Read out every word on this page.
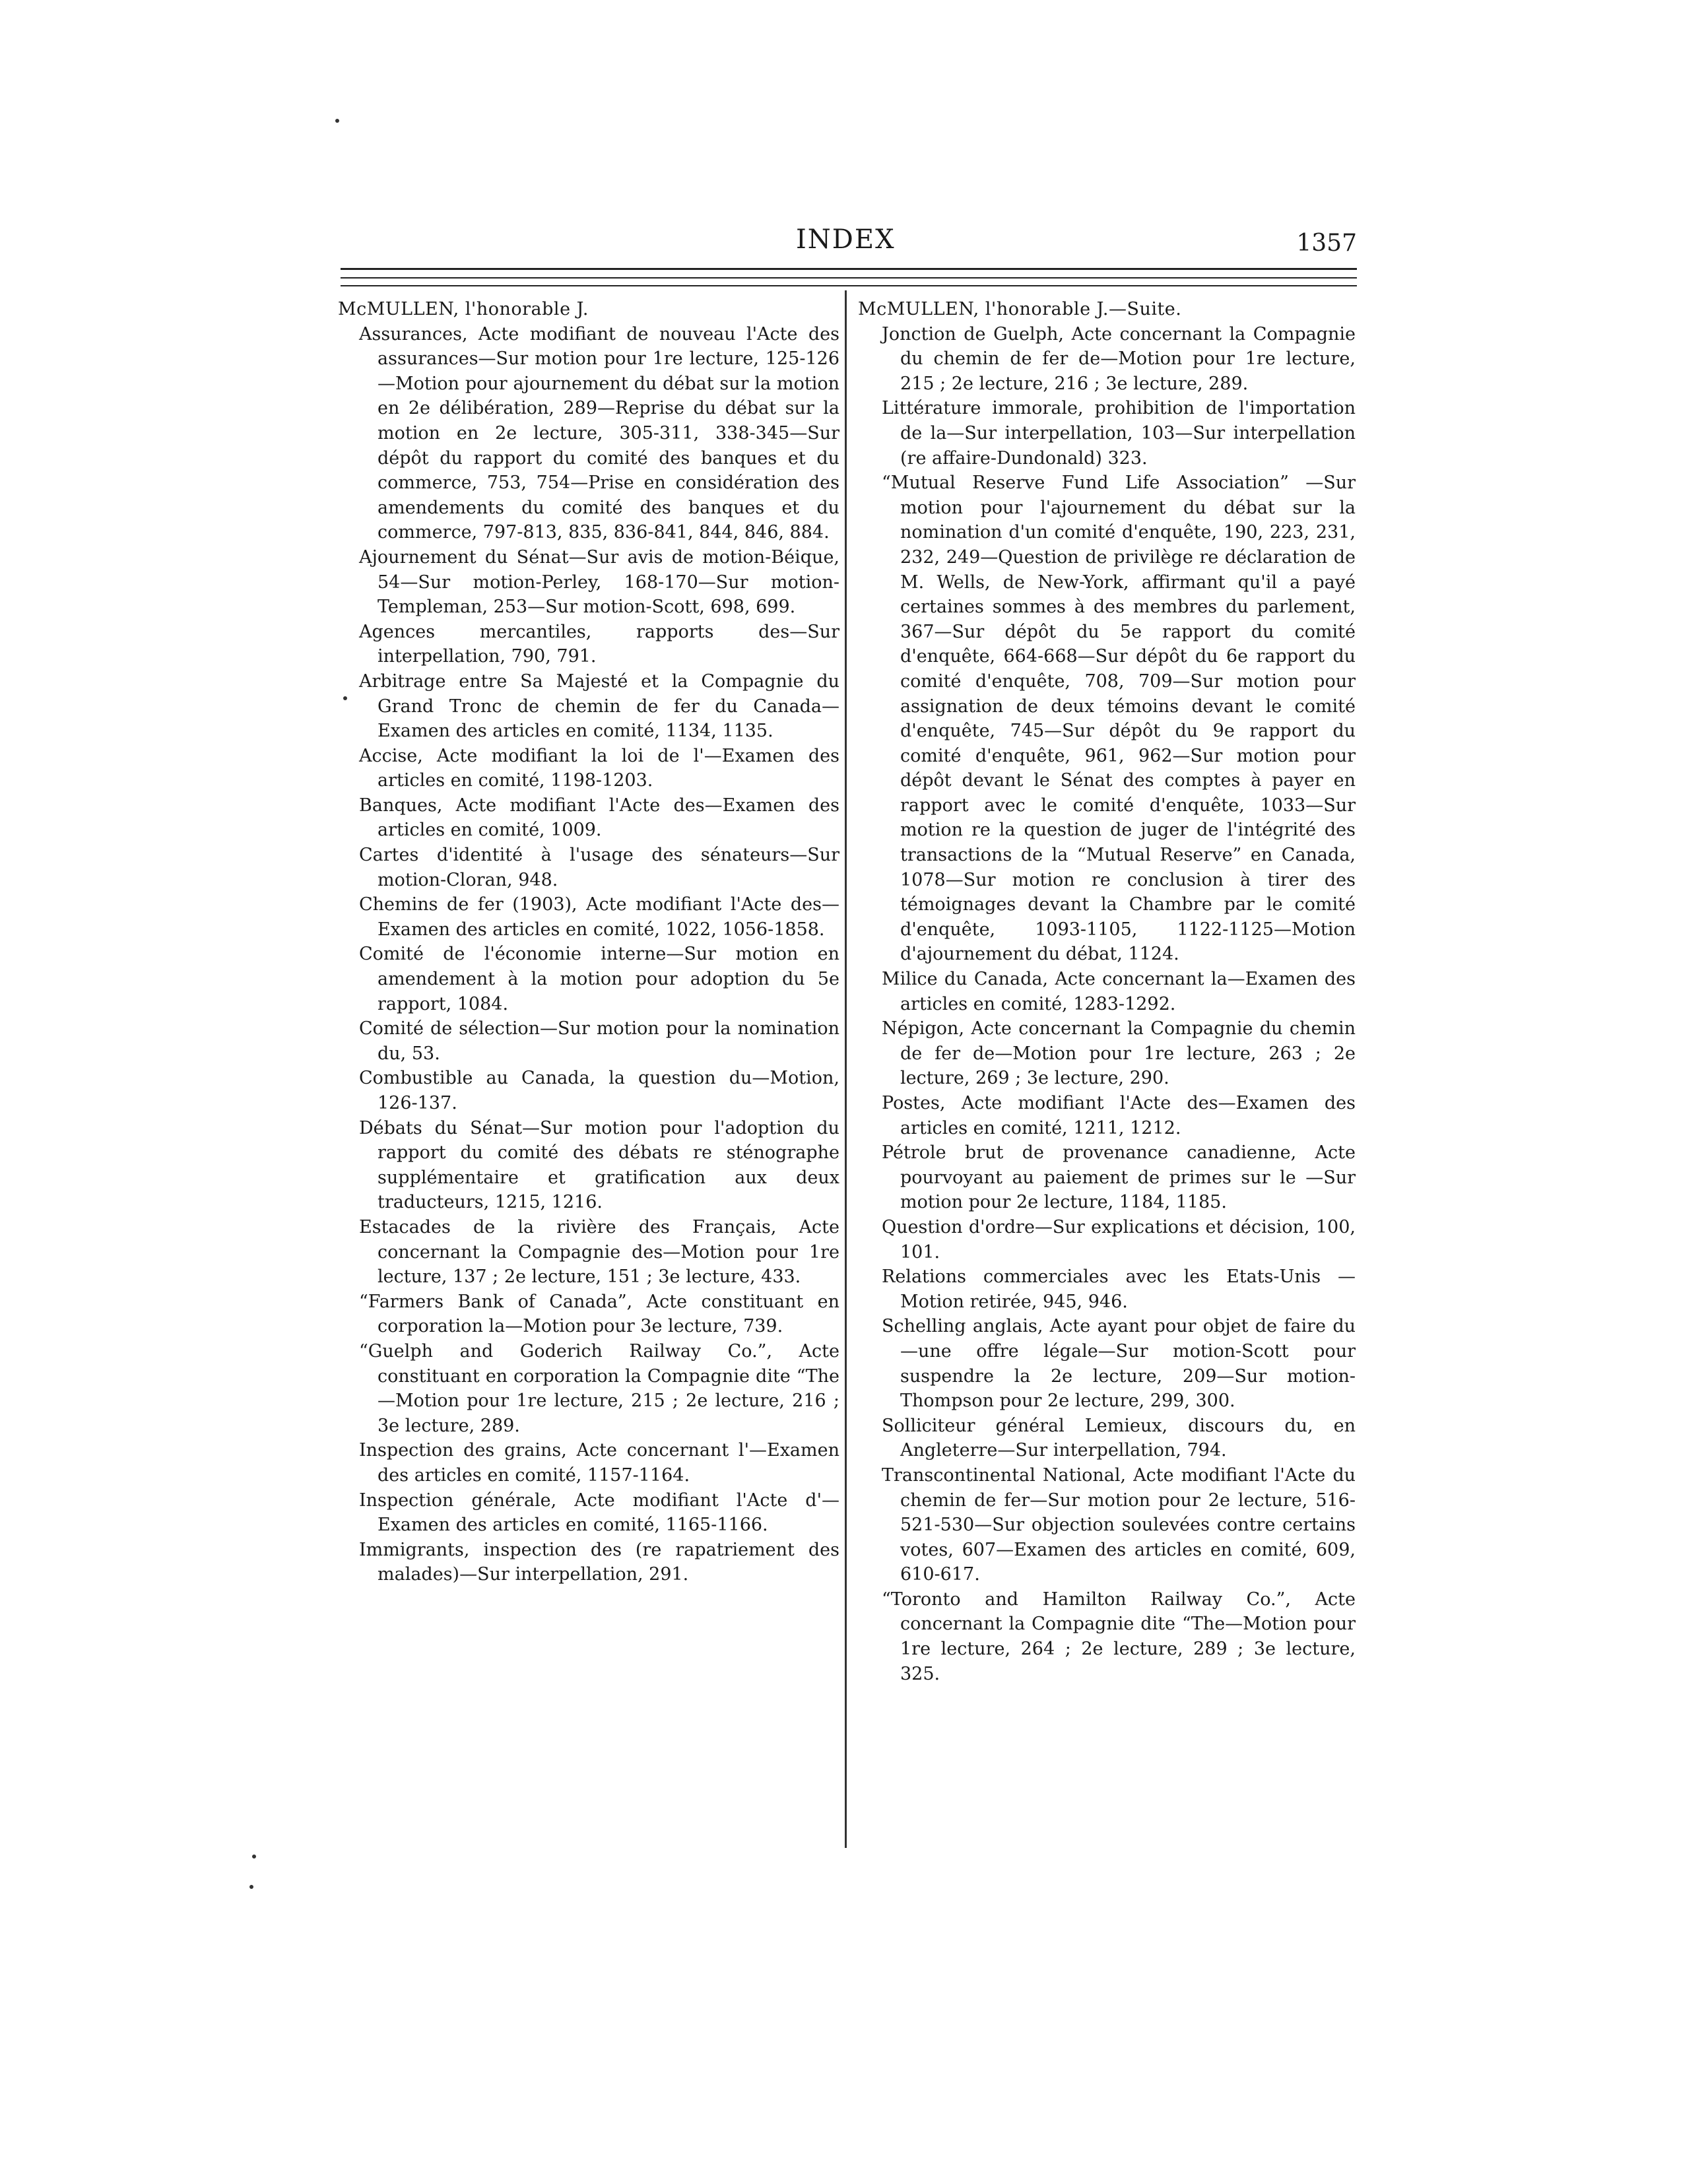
INDEX	1357

McMULLEN, l'honorable J.

Assurances, Acte modifiant de nouveau l'Acte des assurances—Sur motion pour 1re lecture, 125-126—Motion pour ajournement du débat sur la motion en 2e délibération, 289—Reprise du débat sur la motion en 2e lecture, 305-311, 338-345—Sur dépôt du rapport du comité des banques et du commerce, 753, 754—Prise en considération des amendements du comité des banques et du commerce, 797-813, 835, 836-841, 844, 846, 884.

Ajournement du Sénat—Sur avis de motion-Béique, 54—Sur motion-Perley, 168-170—Sur motion-Templeman, 253—Sur motion-Scott, 698, 699.

Agences mercantiles, rapports des—Sur interpellation, 790, 791.

Arbitrage entre Sa Majesté et la Compagnie du Grand Tronc de chemin de fer du Canada—Examen des articles en comité, 1134, 1135.

Accise, Acte modifiant la loi de l'—Examen des articles en comité, 1198-1203.

Banques, Acte modifiant l'Acte des—Examen des articles en comité, 1009.

Cartes d'identité à l'usage des sénateurs—Sur motion-Cloran, 948.

Chemins de fer (1903), Acte modifiant l'Acte des—Examen des articles en comité, 1022, 1056-1858.

Comité de l'économie interne—Sur motion en amendement à la motion pour adoption du 5e rapport, 1084.

Comité de sélection—Sur motion pour la nomination du, 53.

Combustible au Canada, la question du—Motion, 126-137.

Débats du Sénat—Sur motion pour l'adoption du rapport du comité des débats re sténographe supplémentaire et gratification aux deux traducteurs, 1215, 1216.

Estacades de la rivière des Français, Acte concernant la Compagnie des—Motion pour 1re lecture, 137 ; 2e lecture, 151 ; 3e lecture, 433.

“Farmers Bank of Canada”, Acte constituant en corporation la—Motion pour 3e lecture, 739.

“Guelph and Goderich Railway Co.”, Acte constituant en corporation la Compagnie dite “The—Motion pour 1re lecture, 215 ; 2e lecture, 216 ; 3e lecture, 289.

Inspection des grains, Acte concernant l'—Examen des articles en comité, 1157-1164.

Inspection générale, Acte modifiant l'Acte d'—Examen des articles en comité, 1165-1166.

Immigrants, inspection des (re rapatriement des malades)—Sur interpellation, 291.

McMULLEN, l'honorable J.—Suite.

Jonction de Guelph, Acte concernant la Compagnie du chemin de fer de—Motion pour 1re lecture, 215 ; 2e lecture, 216 ; 3e lecture, 289.

Littérature immorale, prohibition de l'importation de la—Sur interpellation, 103—Sur interpellation (re affaire-Dundonald) 323.

“Mutual Reserve Fund Life Association” —Sur motion pour l'ajournement du débat sur la nomination d'un comité d'enquête, 190, 223, 231, 232, 249—Question de privilège re déclaration de M. Wells, de New-York, affirmant qu'il a payé certaines sommes à des membres du parlement, 367—Sur dépôt du 5e rapport du comité d'enquête, 664-668—Sur dépôt du 6e rapport du comité d'enquête, 708, 709—Sur motion pour assignation de deux témoins devant le comité d'enquête, 745—Sur dépôt du 9e rapport du comité d'enquête, 961, 962—Sur motion pour dépôt devant le Sénat des comptes à payer en rapport avec le comité d'enquête, 1033—Sur motion re la question de juger de l'intégrité des transactions de la “Mutual Reserve” en Canada, 1078—Sur motion re conclusion à tirer des témoignages devant la Chambre par le comité d'enquête, 1093-1105, 1122-1125—Motion d'ajournement du débat, 1124.

Milice du Canada, Acte concernant la—Examen des articles en comité, 1283-1292.

Népigon, Acte concernant la Compagnie du chemin de fer de—Motion pour 1re lecture, 263 ; 2e lecture, 269 ; 3e lecture, 290.

Postes, Acte modifiant l'Acte des—Examen des articles en comité, 1211, 1212.

Pétrole brut de provenance canadienne, Acte pourvoyant au paiement de primes sur le —Sur motion pour 2e lecture, 1184, 1185.

Question d'ordre—Sur explications et décision, 100, 101.

Relations commerciales avec les Etats-Unis —Motion retirée, 945, 946.

Schelling anglais, Acte ayant pour objet de faire du—une offre légale—Sur motion-Scott pour suspendre la 2e lecture, 209—Sur motion-Thompson pour 2e lecture, 299, 300.

Solliciteur général Lemieux, discours du, en Angleterre—Sur interpellation, 794.

Transcontinental National, Acte modifiant l'Acte du chemin de fer—Sur motion pour 2e lecture, 516-521-530—Sur objection soulevées contre certains votes, 607—Examen des articles en comité, 609, 610-617.

“Toronto and Hamilton Railway Co.”, Acte concernant la Compagnie dite “The—Motion pour 1re lecture, 264 ; 2e lecture, 289 ; 3e lecture, 325.
